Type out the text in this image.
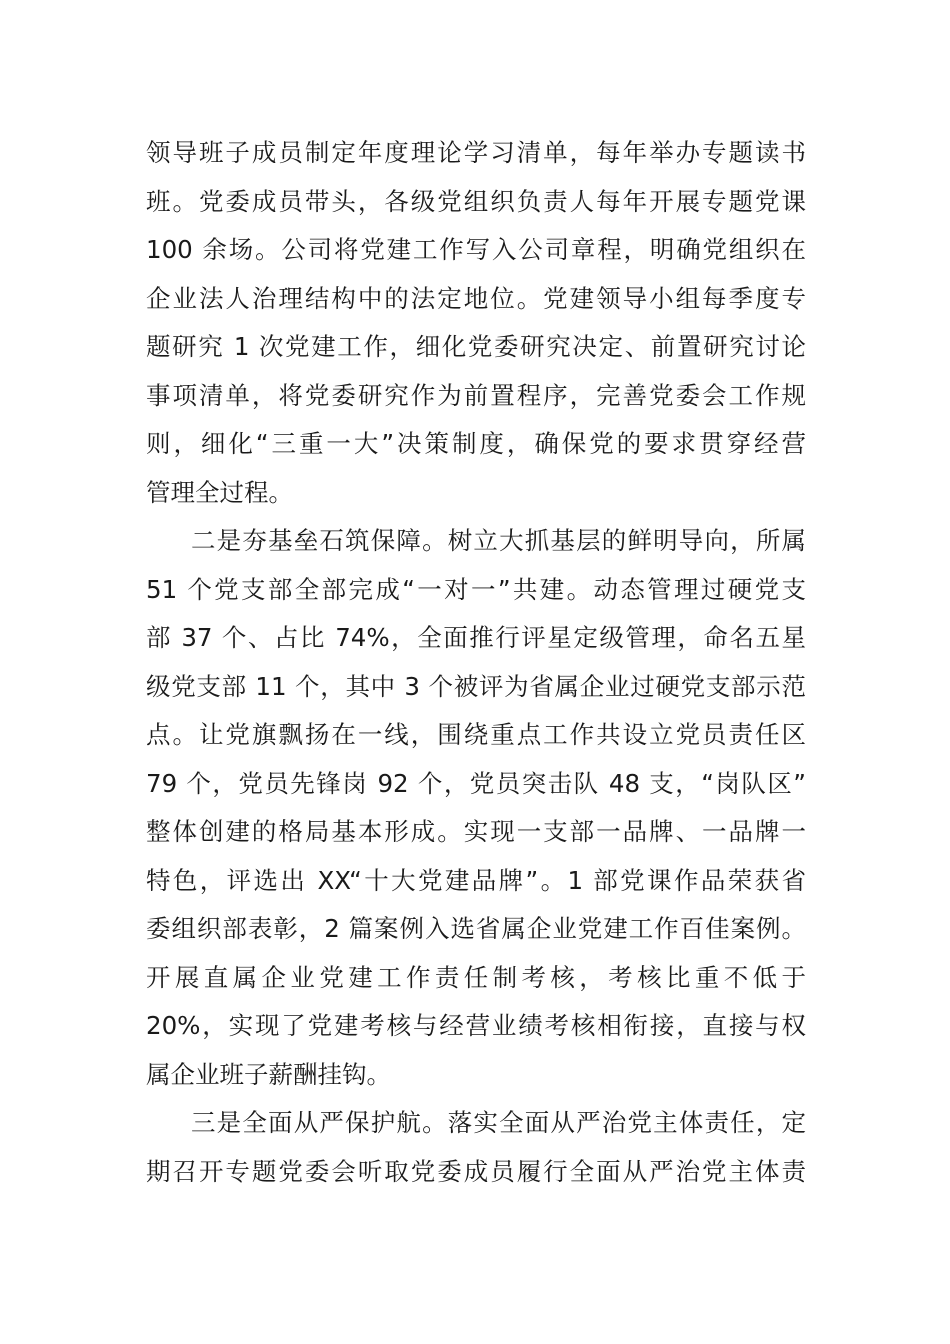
领导班子成员制定年度理论学习清单，每年举办专题读书
班。党委成员带头，各级党组织负责人每年开展专题党课
100 余场。公司将党建工作写入公司章程，明确党组织在
企业法人治理结构中的法定地位。党建领导小组每季度专
题研究 1 次党建工作，细化党委研究决定、前置研究讨论
事项清单，将党委研究作为前置程序，完善党委会工作规
则，细化“三重一大”决策制度，确保党的要求贯穿经营
管理全过程。

二是夯基垒石筑保障。树立大抓基层的鲜明导向，所属
51 个党支部全部完成“一对一”共建。动态管理过硬党支
部 37 个、占比 74%，全面推行评星定级管理，命名五星
级党支部 11 个，其中 3 个被评为省属企业过硬党支部示范
点。让党旗飘扬在一线，围绕重点工作共设立党员责任区
79 个，党员先锋岗 92 个，党员突击队 48 支，“岗队区”
整体创建的格局基本形成。实现一支部一品牌、一品牌一
特色，评选出 XX“十大党建品牌”。1 部党课作品荣获省
委组织部表彰，2 篇案例入选省属企业党建工作百佳案例。
开展直属企业党建工作责任制考核，考核比重不低于
20%，实现了党建考核与经营业绩考核相衔接，直接与权
属企业班子薪酬挂钩。

三是全面从严保护航。落实全面从严治党主体责任，定
期召开专题党委会听取党委成员履行全面从严治党主体责
